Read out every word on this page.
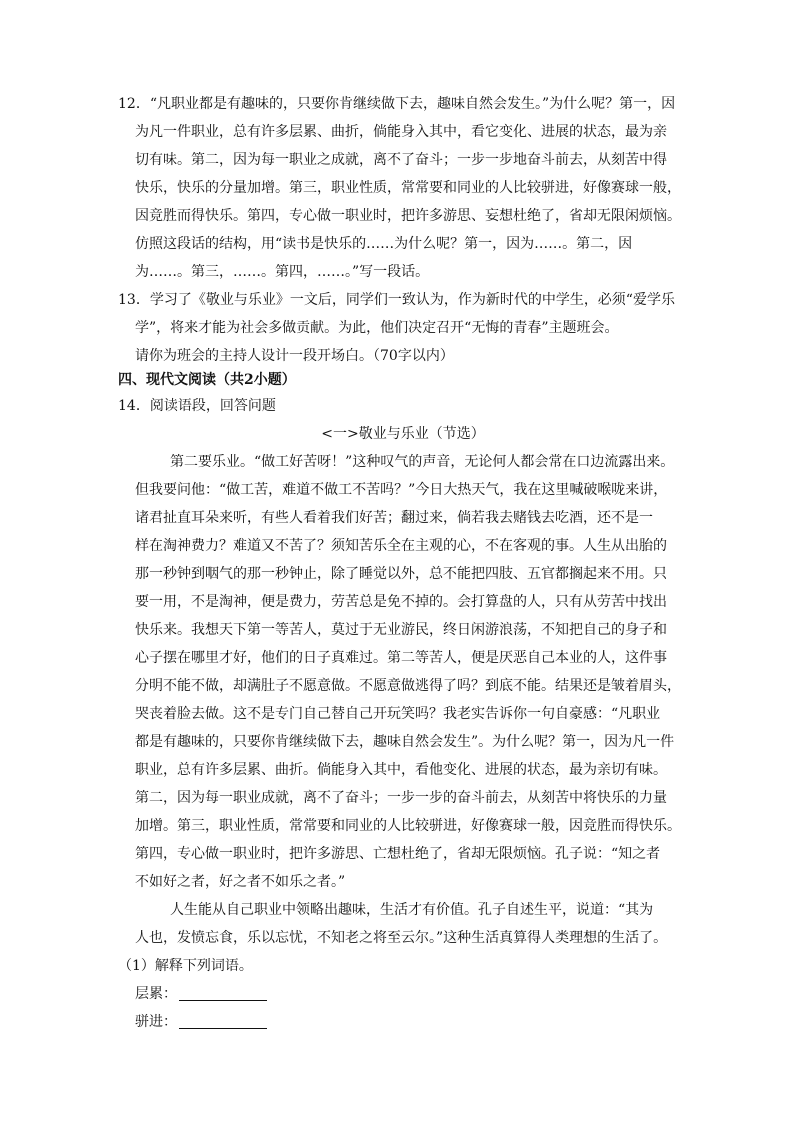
12．“凡职业都是有趣味的，只要你肯继续做下去，趣味自然会发生。”为什么呢？第一，因
为凡一件职业，总有许多层累、曲折，倘能身入其中，看它变化、进展的状态，最为亲
切有味。第二，因为每一职业之成就，离不了奋斗；一步一步地奋斗前去，从刻苦中得
快乐，快乐的分量加增。第三，职业性质，常常要和同业的人比较骈进，好像赛球一般，
因竞胜而得快乐。第四，专心做一职业时，把许多游思、妄想杜绝了，省却无限闲烦恼。
仿照这段话的结构，用“读书是快乐的……为什么呢？第一，因为……。第二，因
为……。第三，……。第四，……。”写一段话。
13．学习了《敬业与乐业》一文后，同学们一致认为，作为新时代的中学生，必须“爱学乐
学”，将来才能为社会多做贡献。为此，他们决定召开“无悔的青春”主题班会。
请你为班会的主持人设计一段开场白。（70字以内）
四、现代文阅读（共2小题）
14．阅读语段，回答问题
<一>敬业与乐业（节选）
第二要乐业。“做工好苦呀！”这种叹气的声音，无论何人都会常在口边流露出来。
但我要问他：“做工苦，难道不做工不苦吗？”今日大热天气，我在这里喊破喉咙来讲，
诸君扯直耳朵来听，有些人看着我们好苦；翻过来，倘若我去赌钱去吃酒，还不是一
样在淘神费力？难道又不苦了？须知苦乐全在主观的心，不在客观的事。人生从出胎的
那一秒钟到咽气的那一秒钟止，除了睡觉以外，总不能把四肢、五官都搁起来不用。只
要一用，不是淘神，便是费力，劳苦总是免不掉的。会打算盘的人，只有从劳苦中找出
快乐来。我想天下第一等苦人，莫过于无业游民，终日闲游浪荡，不知把自己的身子和
心子摆在哪里才好，他们的日子真难过。第二等苦人，便是厌恶自己本业的人，这件事
分明不能不做，却满肚子不愿意做。不愿意做逃得了吗？到底不能。结果还是皱着眉头，
哭丧着脸去做。这不是专门自己替自己开玩笑吗？我老实告诉你一句自豪感：“凡职业
都是有趣味的，只要你肯继续做下去，趣味自然会发生”。为什么呢？第一，因为凡一件
职业，总有许多层累、曲折。倘能身入其中，看他变化、进展的状态，最为亲切有味。
第二，因为每一职业成就，离不了奋斗；一步一步的奋斗前去，从刻苦中将快乐的力量
加增。第三，职业性质，常常要和同业的人比较骈进，好像赛球一般，因竞胜而得快乐。
第四，专心做一职业时，把许多游思、亡想杜绝了，省却无限烦恼。孔子说：“知之者
不如好之者，好之者不如乐之者。”
人生能从自己职业中领略出趣味，生活才有价值。孔子自述生平，说道：“其为
人也，发愤忘食，乐以忘忧，不知老之将至云尔。”这种生活真算得人类理想的生活了。
（1）解释下列词语。
层累：
骈进：
